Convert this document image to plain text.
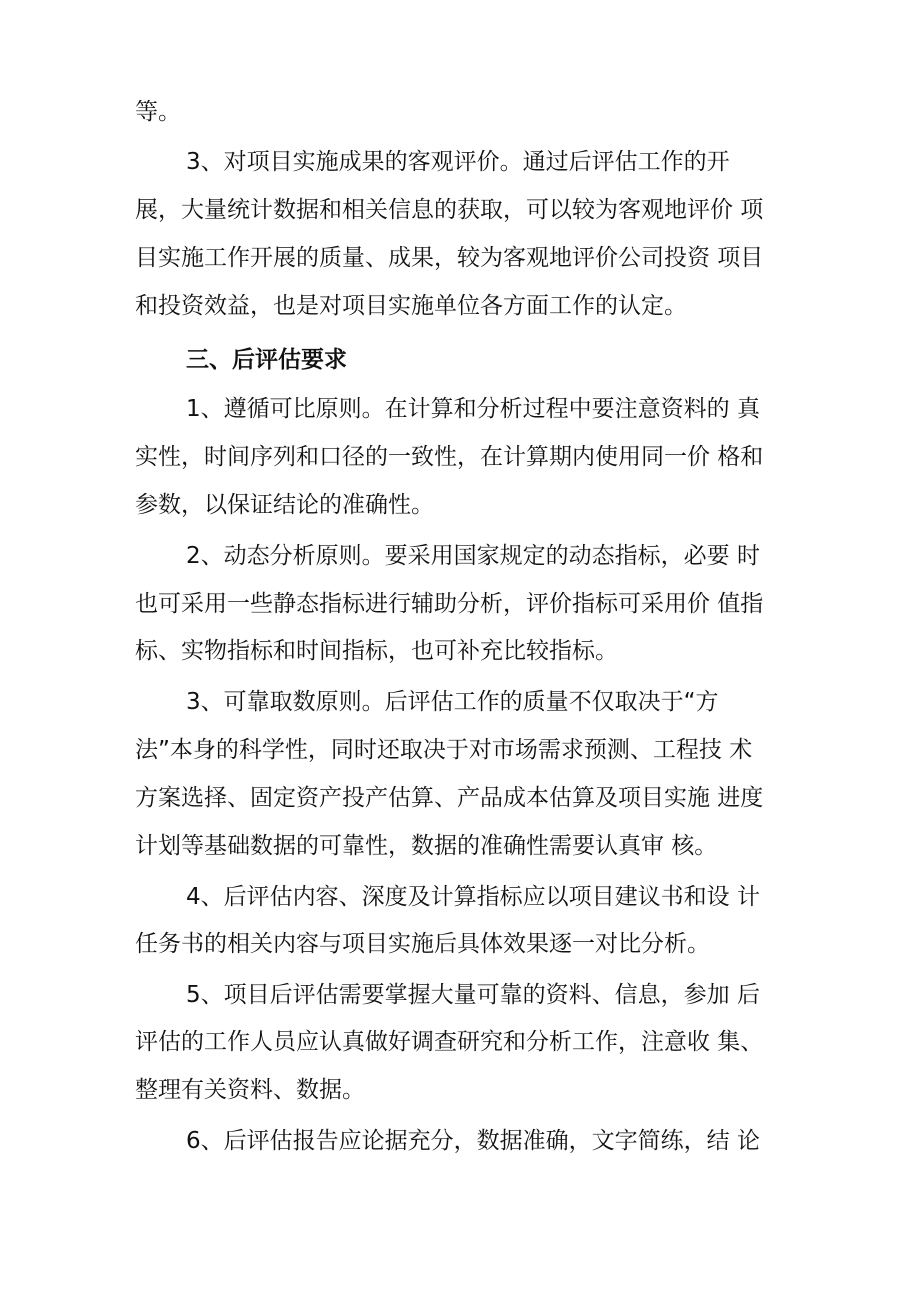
等。
3、对项目实施成果的客观评价。通过后评估工作的开
展，大量统计数据和相关信息的获取，可以较为客观地评价 项
目实施工作开展的质量、成果，较为客观地评价公司投资 项目
和投资效益，也是对项目实施单位各方面工作的认定。
三、后评估要求
1、遵循可比原则。在计算和分析过程中要注意资料的 真
实性，时间序列和口径的一致性，在计算期内使用同一价 格和
参数，以保证结论的准确性。
2、动态分析原则。要采用国家规定的动态指标，必要 时
也可采用一些静态指标进行辅助分析，评价指标可采用价 值指
标、实物指标和时间指标，也可补充比较指标。
3、可靠取数原则。后评估工作的质量不仅取决于“方
法”本身的科学性，同时还取决于对市场需求预测、工程技 术
方案选择、固定资产投产估算、产品成本估算及项目实施 进度
计划等基础数据的可靠性，数据的准确性需要认真审 核。
4、后评估内容、深度及计算指标应以项目建议书和设 计
任务书的相关内容与项目实施后具体效果逐一对比分析。
5、项目后评估需要掌握大量可靠的资料、信息，参加 后
评估的工作人员应认真做好调查研究和分析工作，注意收 集、
整理有关资料、数据。
6、后评估报告应论据充分，数据准确，文字简练，结 论
